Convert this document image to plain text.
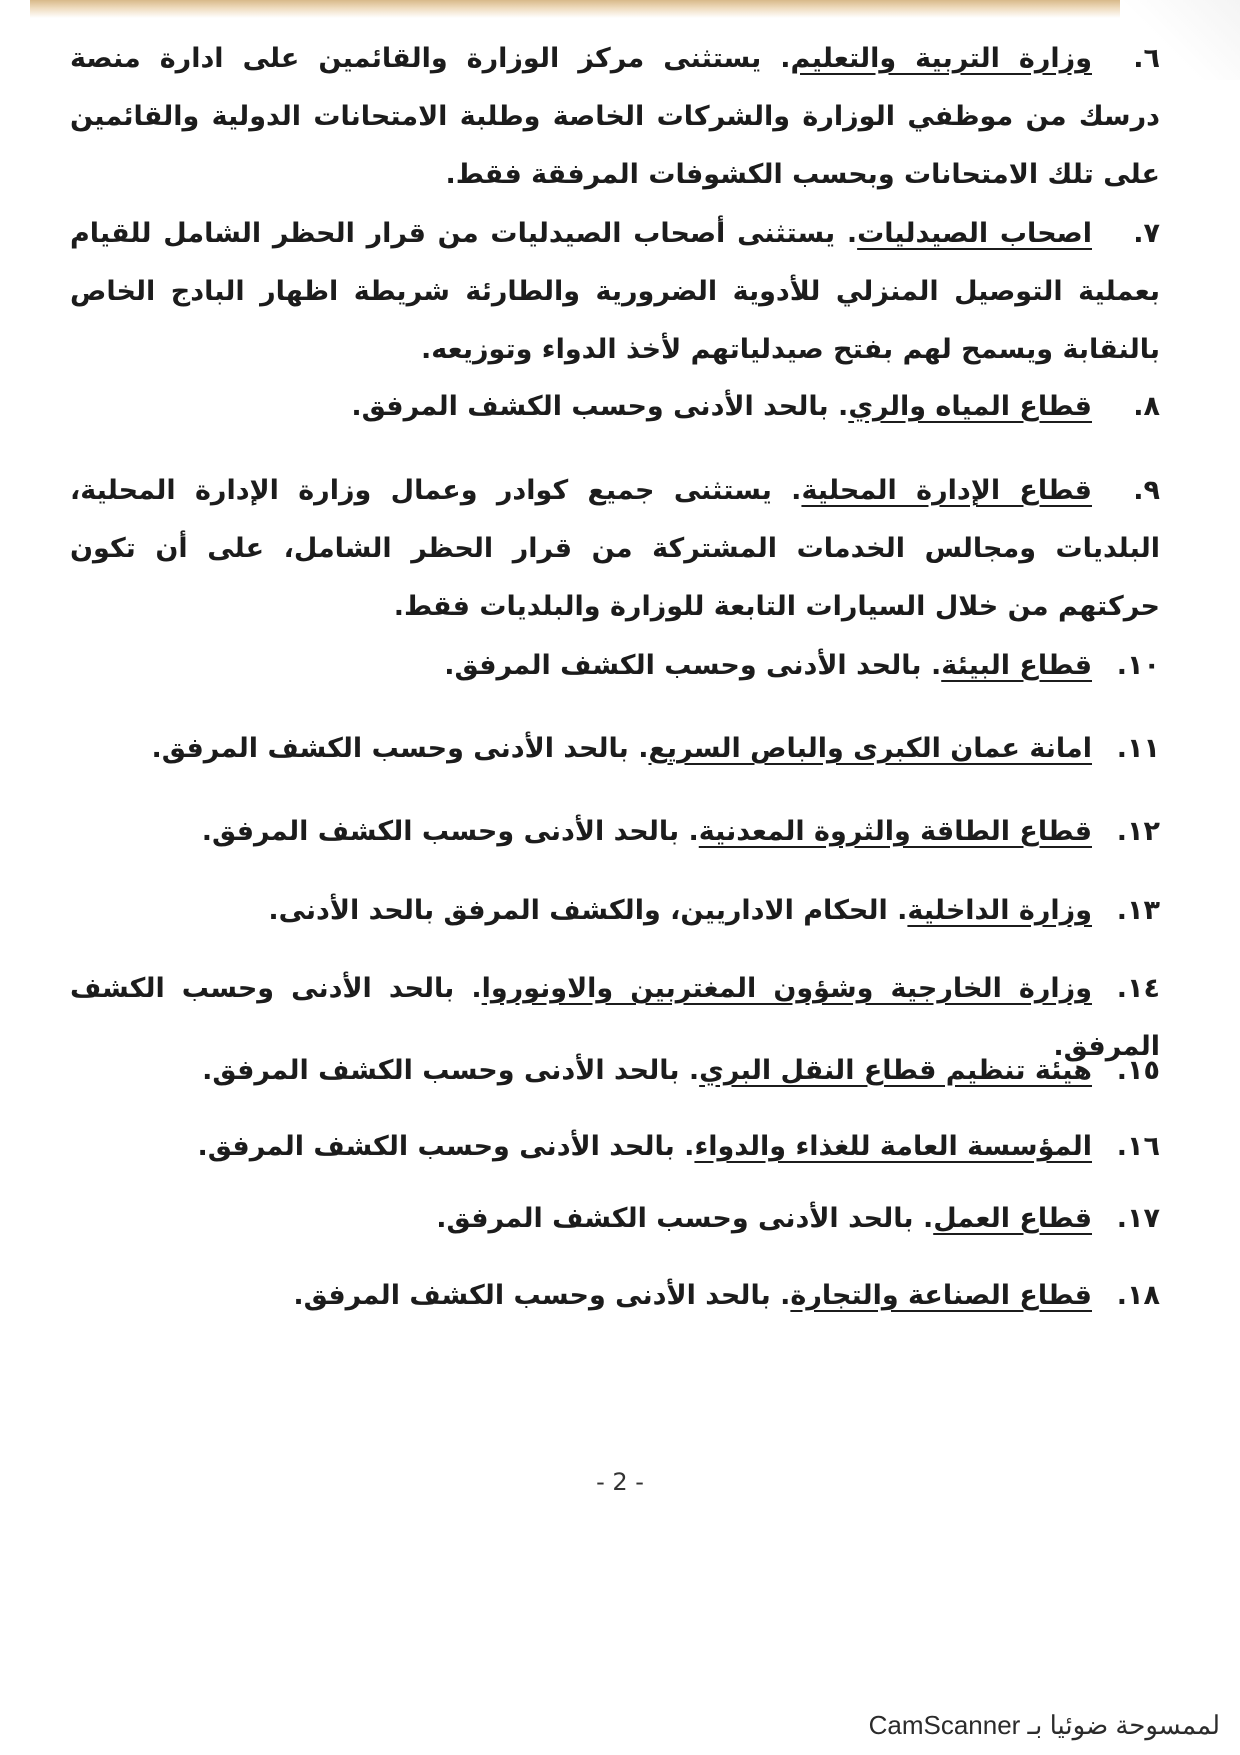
٦.وزارة التربية والتعليم. يستثنى مركز الوزارة والقائمين على ادارة منصة درسك من موظفي الوزارة والشركات الخاصة وطلبة الامتحانات الدولية والقائمين على تلك الامتحانات وبحسب الكشوفات المرفقة فقط.
٧.اصحاب الصيدليات. يستثنى أصحاب الصيدليات من قرار الحظر الشامل للقيام بعملية التوصيل المنزلي للأدوية الضرورية والطارئة شريطة اظهار البادج الخاص بالنقابة ويسمح لهم بفتح صيدلياتهم لأخذ الدواء وتوزيعه.
٨.قطاع المياه والري. بالحد الأدنى وحسب الكشف المرفق.
٩.قطاع الإدارة المحلية. يستثنى جميع كوادر وعمال وزارة الإدارة المحلية، البلديات ومجالس الخدمات المشتركة من قرار الحظر الشامل، على أن تكون حركتهم من خلال السيارات التابعة للوزارة والبلديات فقط.
١٠.قطاع البيئة. بالحد الأدنى وحسب الكشف المرفق.
١١.امانة عمان الكبرى والباص السريع. بالحد الأدنى وحسب الكشف المرفق.
١٢.قطاع الطاقة والثروة المعدنية. بالحد الأدنى وحسب الكشف المرفق.
١٣.وزارة الداخلية. الحكام الاداريين، والكشف المرفق بالحد الأدنى.
١٤.وزارة الخارجية وشؤون المغتربين والاونوروا. بالحد الأدنى وحسب الكشف المرفق.
١٥.هيئة تنظيم قطاع النقل البري. بالحد الأدنى وحسب الكشف المرفق.
١٦.المؤسسة العامة للغذاء والدواء. بالحد الأدنى وحسب الكشف المرفق.
١٧.قطاع العمل. بالحد الأدنى وحسب الكشف المرفق.
١٨.قطاع الصناعة والتجارة. بالحد الأدنى وحسب الكشف المرفق.
- 2 -
لممسوحة ضوئيا بـ CamScanner
